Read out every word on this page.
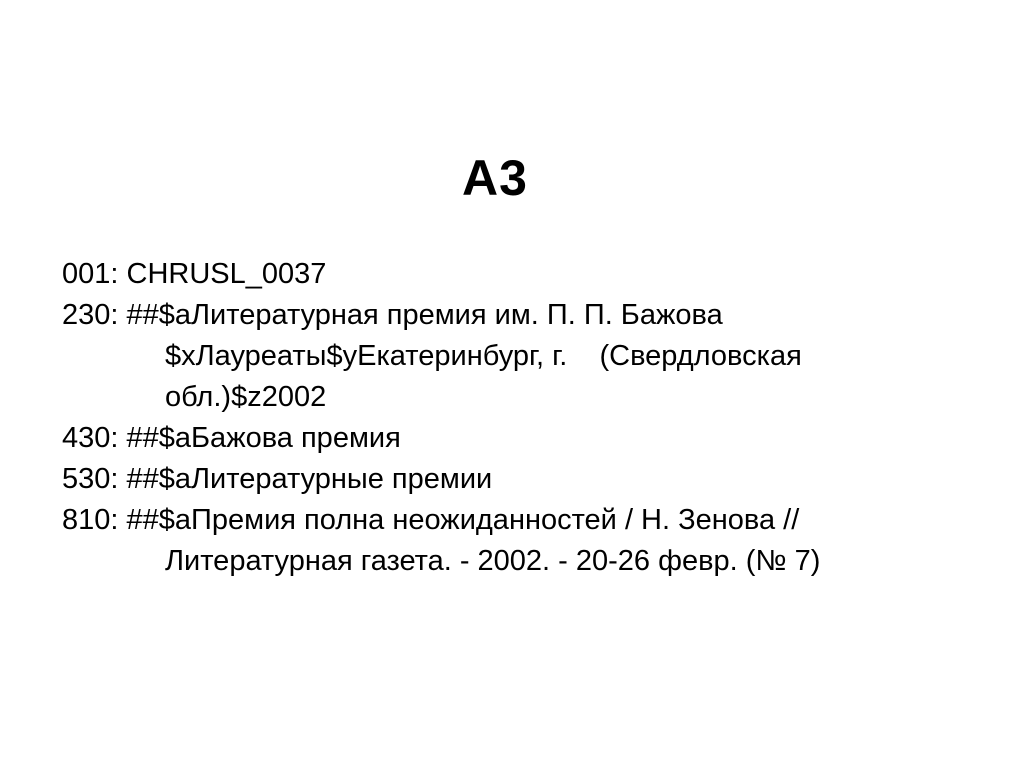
А3
001: CHRUSL_0037
230: ##$aЛитературная премия им. П. П. Бажова
$xЛауреаты$yЕкатеринбург, г.    (Свердловская
обл.)$z2002
430: ##$aБажова премия
530: ##$aЛитературные премии
810: ##$aПремия полна неожиданностей / Н. Зенова //
Литературная газета. - 2002. - 20-26 февр. (№ 7)
